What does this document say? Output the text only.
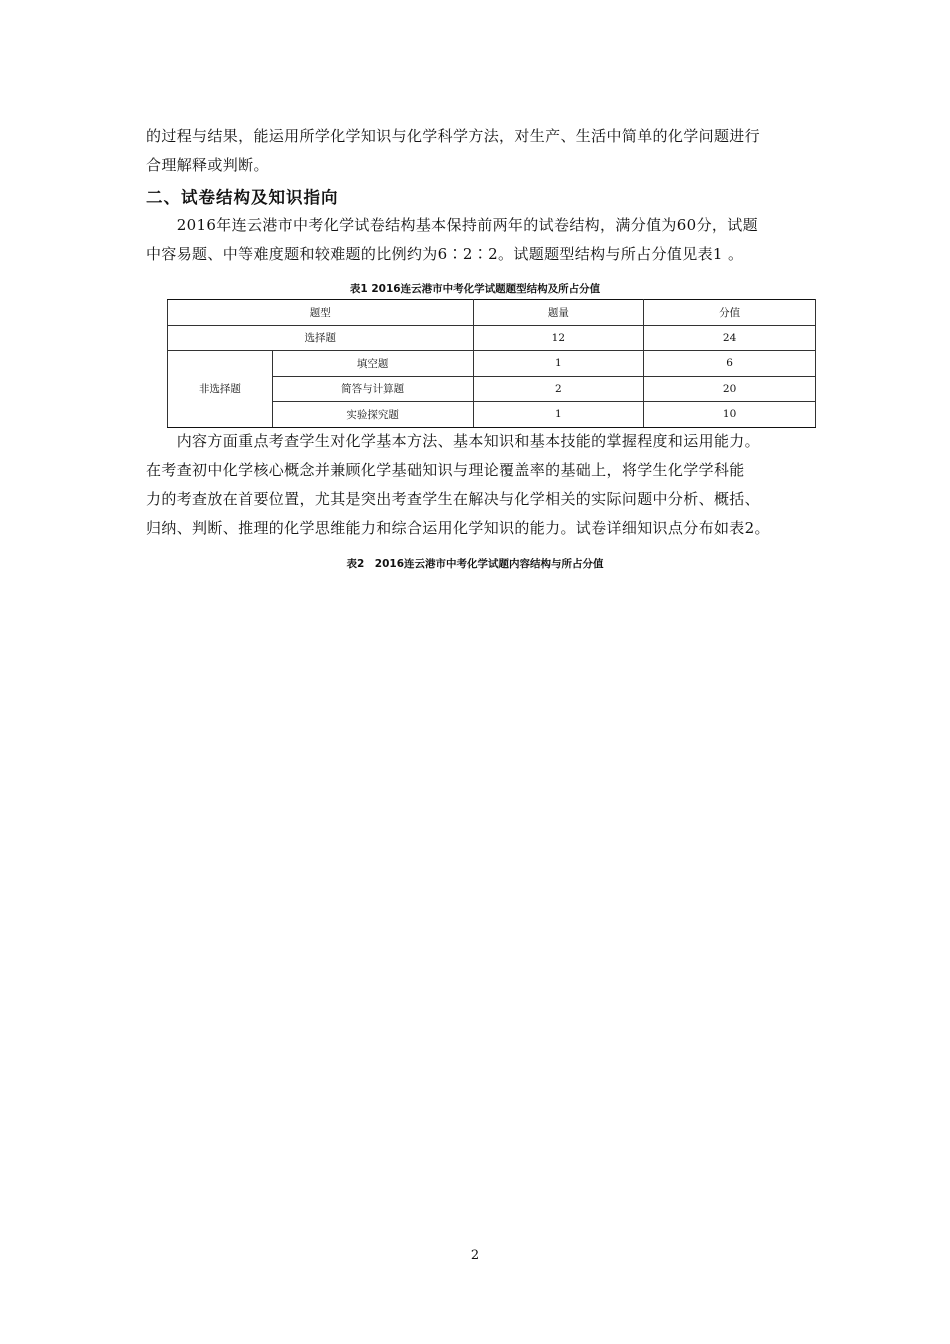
的过程与结果，能运用所学化学知识与化学科学方法，对生产、生活中简单的化学问题进行
合理解释或判断。

二、试卷结构及知识指向

　　2016年连云港市中考化学试卷结构基本保持前两年的试卷结构，满分值为60分，试题
中容易题、中等难度题和较难题的比例约为6∶2∶2。试题题型结构与所占分值见表1 。

表1 2016连云港市中考化学试题题型结构及所占分值

题型		题量	分值
选择题		12	24
非选择题	填空题	1	6
	简答与计算题	2	20
	实验探究题	1	10

　　内容方面重点考查学生对化学基本方法、基本知识和基本技能的掌握程度和运用能力。
在考查初中化学核心概念并兼顾化学基础知识与理论覆盖率的基础上，将学生化学学科能
力的考查放在首要位置，尤其是突出考查学生在解决与化学相关的实际问题中分析、概括、
归纳、判断、推理的化学思维能力和综合运用化学知识的能力。试卷详细知识点分布如表2。

表2　2016连云港市中考化学试题内容结构与所占分值

2
